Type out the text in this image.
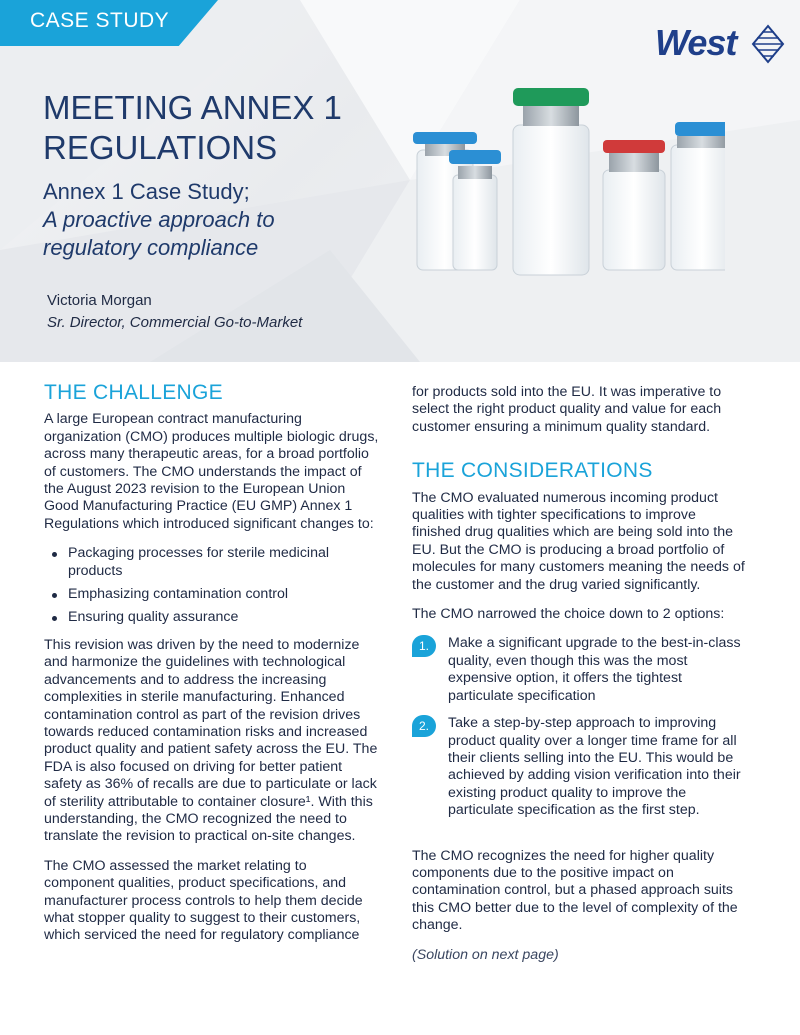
CASE STUDY
West
MEETING ANNEX 1 REGULATIONS
Annex 1 Case Study;
A proactive approach to regulatory compliance
Victoria Morgan
Sr. Director, Commercial Go-to-Market
THE CHALLENGE

A large European contract manufacturing organization (CMO) produces multiple biologic drugs, across many therapeutic areas, for a broad portfolio of customers. The CMO understands the impact of the August 2023 revision to the European Union Good Manufacturing Practice (EU GMP) Annex 1 Regulations which introduced significant changes to:

Packaging processes for sterile medicinal products
Emphasizing contamination control
Ensuring quality assurance

This revision was driven by the need to modernize and harmonize the guidelines with technological advancements and to address the increasing complexities in sterile manufacturing. Enhanced contamination control as part of the revision drives towards reduced contamination risks and increased product quality and patient safety across the EU. The FDA is also focused on driving for better patient safety as 36% of recalls are due to particulate or lack of sterility attributable to container closure¹. With this understanding, the CMO recognized the need to translate the revision to practical on-site changes.

The CMO assessed the market relating to component qualities, product specifications, and manufacturer process controls to help them decide what stopper quality to suggest to their customers, which serviced the need for regulatory compliance

for products sold into the EU. It was imperative to select the right product quality and value for each customer ensuring a minimum quality standard.

THE CONSIDERATIONS

The CMO evaluated numerous incoming product qualities with tighter specifications to improve finished drug qualities which are being sold into the EU. But the CMO is producing a broad portfolio of molecules for many customers meaning the needs of the customer and the drug varied significantly.

The CMO narrowed the choice down to 2 options:

1.	Make a significant upgrade to the best-in-class quality, even though this was the most expensive option, it offers the tightest particulate specification
2.	Take a step-by-step approach to improving product quality over a longer time frame for all their clients selling into the EU. This would be achieved by adding vision verification into their existing product quality to improve the particulate specification as the first step.

The CMO recognizes the need for higher quality components due to the positive impact on contamination control, but a phased approach suits this CMO better due to the level of complexity of the change.

(Solution on next page)
